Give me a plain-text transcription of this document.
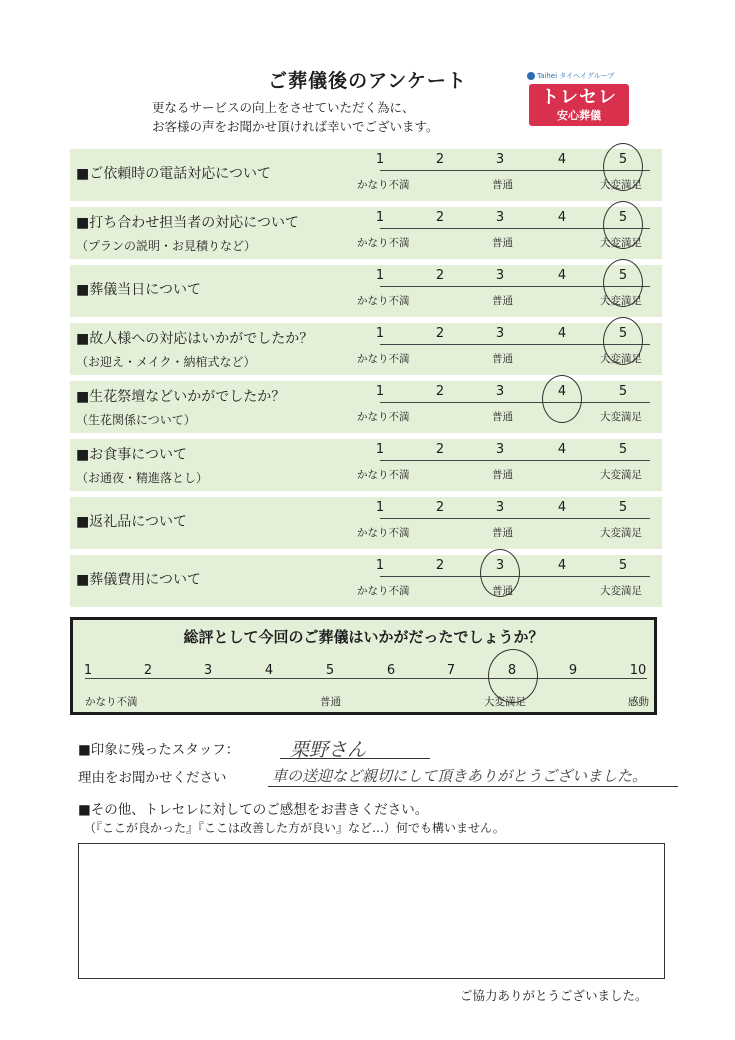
ご葬儀後のアンケート
更なるサービスの向上をさせていただく為に、
お客様の声をお聞かせ頂ければ幸いでございます。
Taihei タイヘイグループ
トレセレ
安心葬儀
■ご依頼時の電話対応について
1	2	3	4	5
かなり不満	普通	大変満足
■打ち合わせ担当者の対応について
（プランの説明・お見積りなど）
1	2	3	4	5
かなり不満	普通	大変満足
■葬儀当日について
1	2	3	4	5
かなり不満	普通	大変満足
■故人様への対応はいかがでしたか？
（お迎え・メイク・納棺式など）
1	2	3	4	5
かなり不満	普通	大変満足
■生花祭壇などいかがでしたか？
（生花関係について）
1	2	3	4	5
かなり不満	普通	大変満足
■お食事について
（お通夜・精進落とし）
1	2	3	4	5
かなり不満	普通	大変満足
■返礼品について
1	2	3	4	5
かなり不満	普通	大変満足
■葬儀費用について
1	2	3	4	5
かなり不満	普通	大変満足
総評として今回のご葬儀はいかがだったでしょうか？
1	2	3	4	5	6	7	8	9	10
かなり不満	普通	大変満足	感動
■印象に残ったスタッフ：	栗野さん
理由をお聞かせください	車の送迎など親切にして頂きありがとうございました。
■その他、トレセレに対してのご感想をお書きください。
（『ここが良かった』『ここは改善した方が良い』など…）何でも構いません。
ご協力ありがとうございました。
